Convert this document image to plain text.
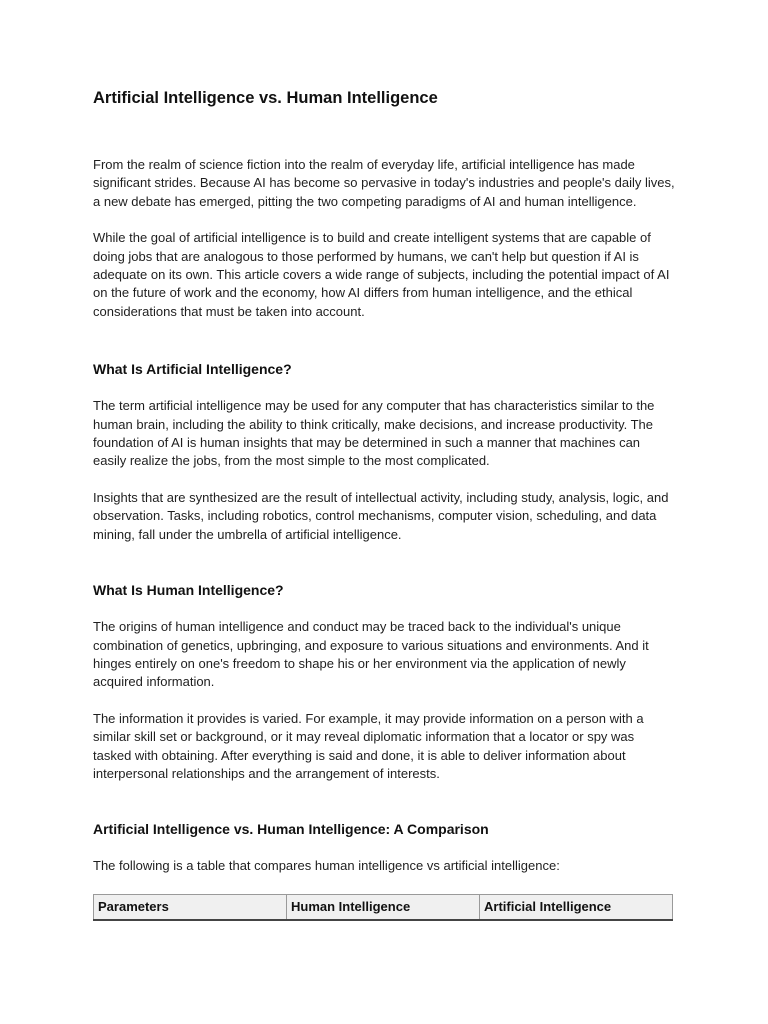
Artificial Intelligence vs. Human Intelligence

From the realm of science fiction into the realm of everyday life, artificial intelligence has made significant strides. Because AI has become so pervasive in today's industries and people's daily lives, a new debate has emerged, pitting the two competing paradigms of AI and human intelligence.

While the goal of artificial intelligence is to build and create intelligent systems that are capable of doing jobs that are analogous to those performed by humans, we can't help but question if AI is adequate on its own. This article covers a wide range of subjects, including the potential impact of AI on the future of work and the economy, how AI differs from human intelligence, and the ethical considerations that must be taken into account.

What Is Artificial Intelligence?

The term artificial intelligence may be used for any computer that has characteristics similar to the human brain, including the ability to think critically, make decisions, and increase productivity. The foundation of AI is human insights that may be determined in such a manner that machines can easily realize the jobs, from the most simple to the most complicated.

Insights that are synthesized are the result of intellectual activity, including study, analysis, logic, and observation. Tasks, including robotics, control mechanisms, computer vision, scheduling, and data mining, fall under the umbrella of artificial intelligence.

What Is Human Intelligence?

The origins of human intelligence and conduct may be traced back to the individual's unique combination of genetics, upbringing, and exposure to various situations and environments. And it hinges entirely on one's freedom to shape his or her environment via the application of newly acquired information.

The information it provides is varied. For example, it may provide information on a person with a similar skill set or background, or it may reveal diplomatic information that a locator or spy was tasked with obtaining. After everything is said and done, it is able to deliver information about interpersonal relationships and the arrangement of interests.

Artificial Intelligence vs. Human Intelligence: A Comparison

The following is a table that compares human intelligence vs artificial intelligence:

Parameters	Human Intelligence	Artificial Intelligence
